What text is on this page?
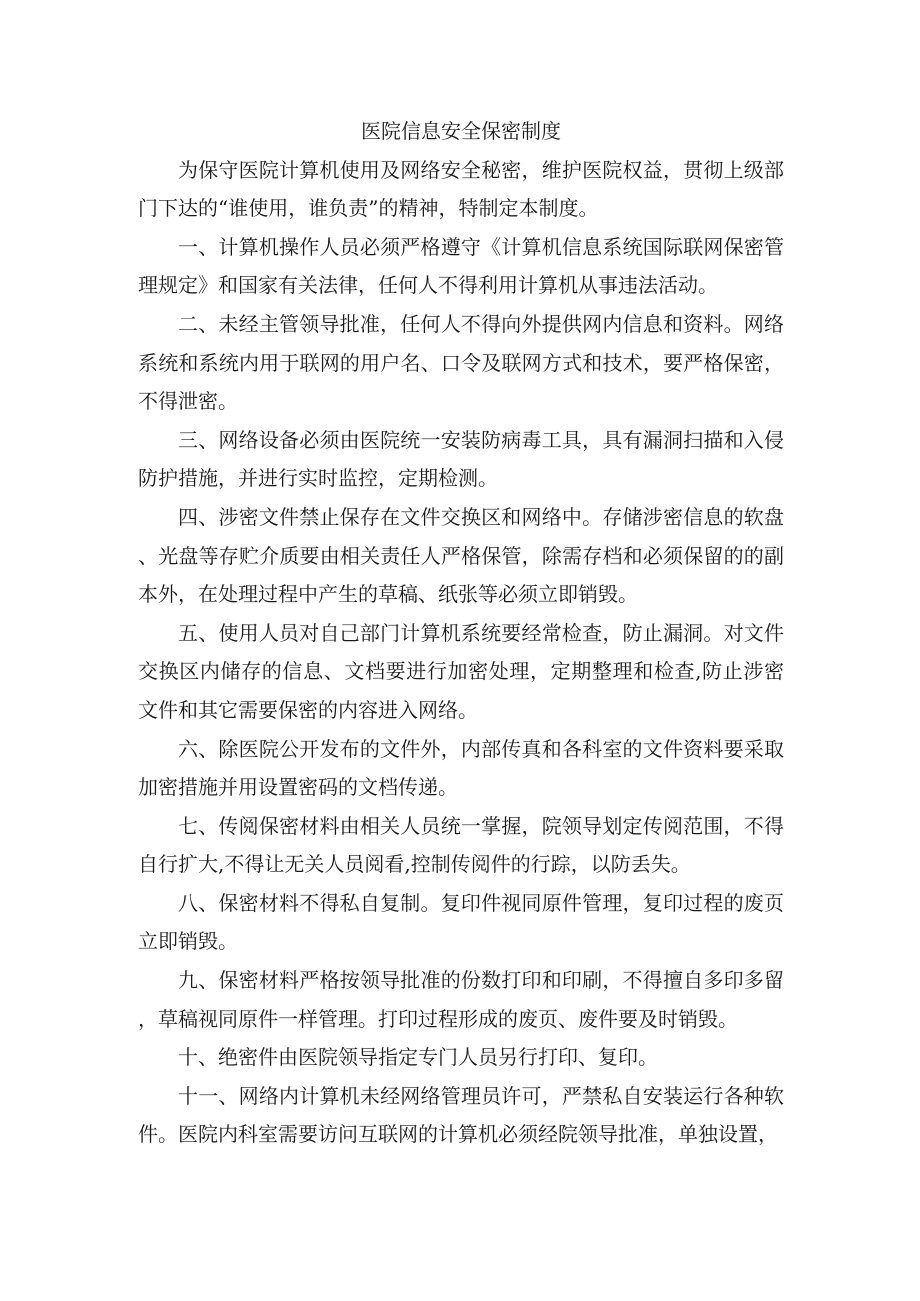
医院信息安全保密制度

为保守医院计算机使用及网络安全秘密，维护医院权益，贯彻上级部门下达的“谁使用，谁负责”的精神，特制定本制度。

一、计算机操作人员必须严格遵守《计算机信息系统国际联网保密管理规定》和国家有关法律，任何人不得利用计算机从事违法活动。

二、未经主管领导批准，任何人不得向外提供网内信息和资料。网络系统和系统内用于联网的用户名、口令及联网方式和技术，要严格保密，不得泄密。

三、网络设备必须由医院统一安装防病毒工具，具有漏洞扫描和入侵防护措施，并进行实时监控，定期检测。

四、涉密文件禁止保存在文件交换区和网络中。存储涉密信息的软盘、光盘等存贮介质要由相关责任人严格保管，除需存档和必须保留的的副本外，在处理过程中产生的草稿、纸张等必须立即销毁。

五、使用人员对自己部门计算机系统要经常检查，防止漏洞。对文件交换区内储存的信息、文档要进行加密处理，定期整理和检查,防止涉密文件和其它需要保密的内容进入网络。

六、除医院公开发布的文件外，内部传真和各科室的文件资料要采取加密措施并用设置密码的文档传递。

七、传阅保密材料由相关人员统一掌握，院领导划定传阅范围，不得自行扩大,不得让无关人员阅看,控制传阅件的行踪，以防丢失。

八、保密材料不得私自复制。复印件视同原件管理，复印过程的废页立即销毁。

九、保密材料严格按领导批准的份数打印和印刷，不得擅自多印多留，草稿视同原件一样管理。打印过程形成的废页、废件要及时销毁。

十、绝密件由医院领导指定专门人员另行打印、复印。

十一、网络内计算机未经网络管理员许可，严禁私自安装运行各种软件。医院内科室需要访问互联网的计算机必须经院领导批准，单独设置，
